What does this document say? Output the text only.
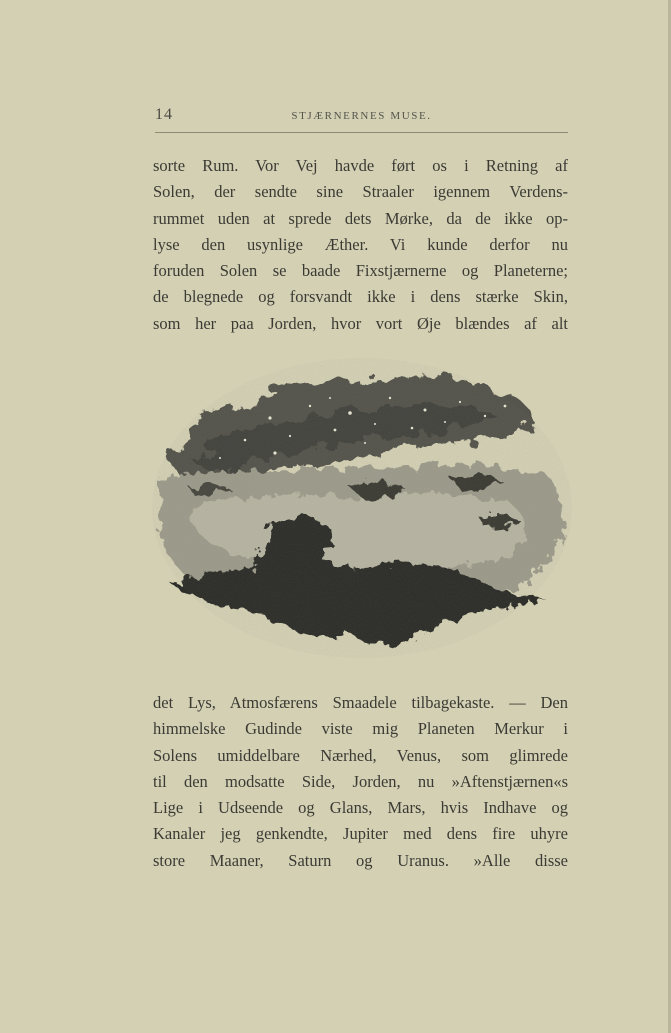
14	STJÆRNERNES MUSE.
sorte Rum. Vor Vej havde ført os i Retning af
Solen, der sendte sine Straaler igennem Verdens-
rummet uden at sprede dets Mørke, da de ikke op-
lyse den usynlige Æther. Vi kunde derfor nu
foruden Solen se baade Fixstjærnerne og Planeterne;
de blegnede og forsvandt ikke i dens stærke Skin,
som her paa Jorden, hvor vort Øje blændes af alt
det Lys, Atmosfærens Smaadele tilbagekaste. — Den
himmelske Gudinde viste mig Planeten Merkur i
Solens umiddelbare Nærhed, Venus, som glimrede
til den modsatte Side, Jorden, nu »Aftenstjærnen«s
Lige i Udseende og Glans, Mars, hvis Indhave og
Kanaler jeg genkendte, Jupiter med dens fire uhyre
store Maaner, Saturn og Uranus. »Alle disse
